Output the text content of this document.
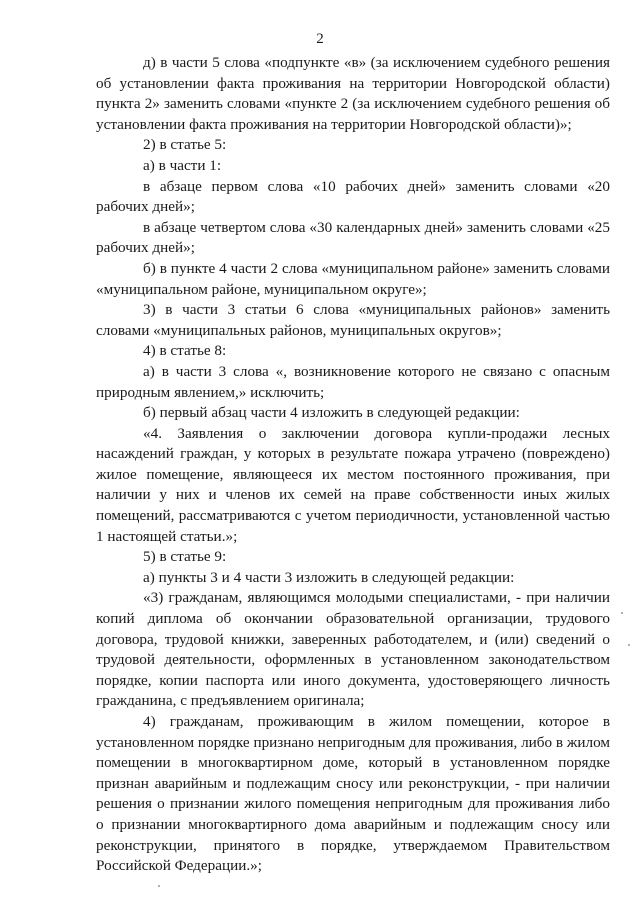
2

д) в части 5 слова «подпункте «в» (за исключением судебного решения об установлении факта проживания на территории Новгородской области) пункта 2» заменить словами «пункте 2 (за исключением судебного решения об установлении факта проживания на территории Новгородской области)»;

2) в статье 5:

а) в части 1:

в абзаце первом слова «10 рабочих дней» заменить словами «20 рабочих дней»;

в абзаце четвертом слова «30 календарных дней» заменить словами «25 рабочих дней»;

б) в пункте 4 части 2 слова «муниципальном районе» заменить словами «муниципальном районе, муниципальном округе»;

3) в части 3 статьи 6 слова «муниципальных районов» заменить словами «муниципальных районов, муниципальных округов»;

4) в статье 8:

а) в части 3 слова «, возникновение которого не связано с опасным природным явлением,» исключить;

б) первый абзац части 4 изложить в следующей редакции:

«4. Заявления о заключении договора купли-продажи лесных насаждений граждан, у которых в результате пожара утрачено (повреждено) жилое помещение, являющееся их местом постоянного проживания, при наличии у них и членов их семей на праве собственности иных жилых помещений, рассматриваются с учетом периодичности, установленной частью 1 настоящей статьи.»;

5) в статье 9:

а) пункты 3 и 4 части 3 изложить в следующей редакции:

«3) гражданам, являющимся молодыми специалистами, - при наличии копий диплома об окончании образовательной организации, трудового договора, трудовой книжки, заверенных работодателем, и (или) сведений о трудовой деятельности, оформленных в установленном законодательством порядке, копии паспорта или иного документа, удостоверяющего личность гражданина, с предъявлением оригинала;

4) гражданам, проживающим в жилом помещении, которое в установленном порядке признано непригодным для проживания, либо в жилом помещении в многоквартирном доме, который в установленном порядке признан аварийным и подлежащим сносу или реконструкции, - при наличии решения о признании жилого помещения непригодным для проживания либо о признании многоквартирного дома аварийным и подлежащим сносу или реконструкции, принятого в порядке, утверждаемом Правительством Российской Федерации.»;
